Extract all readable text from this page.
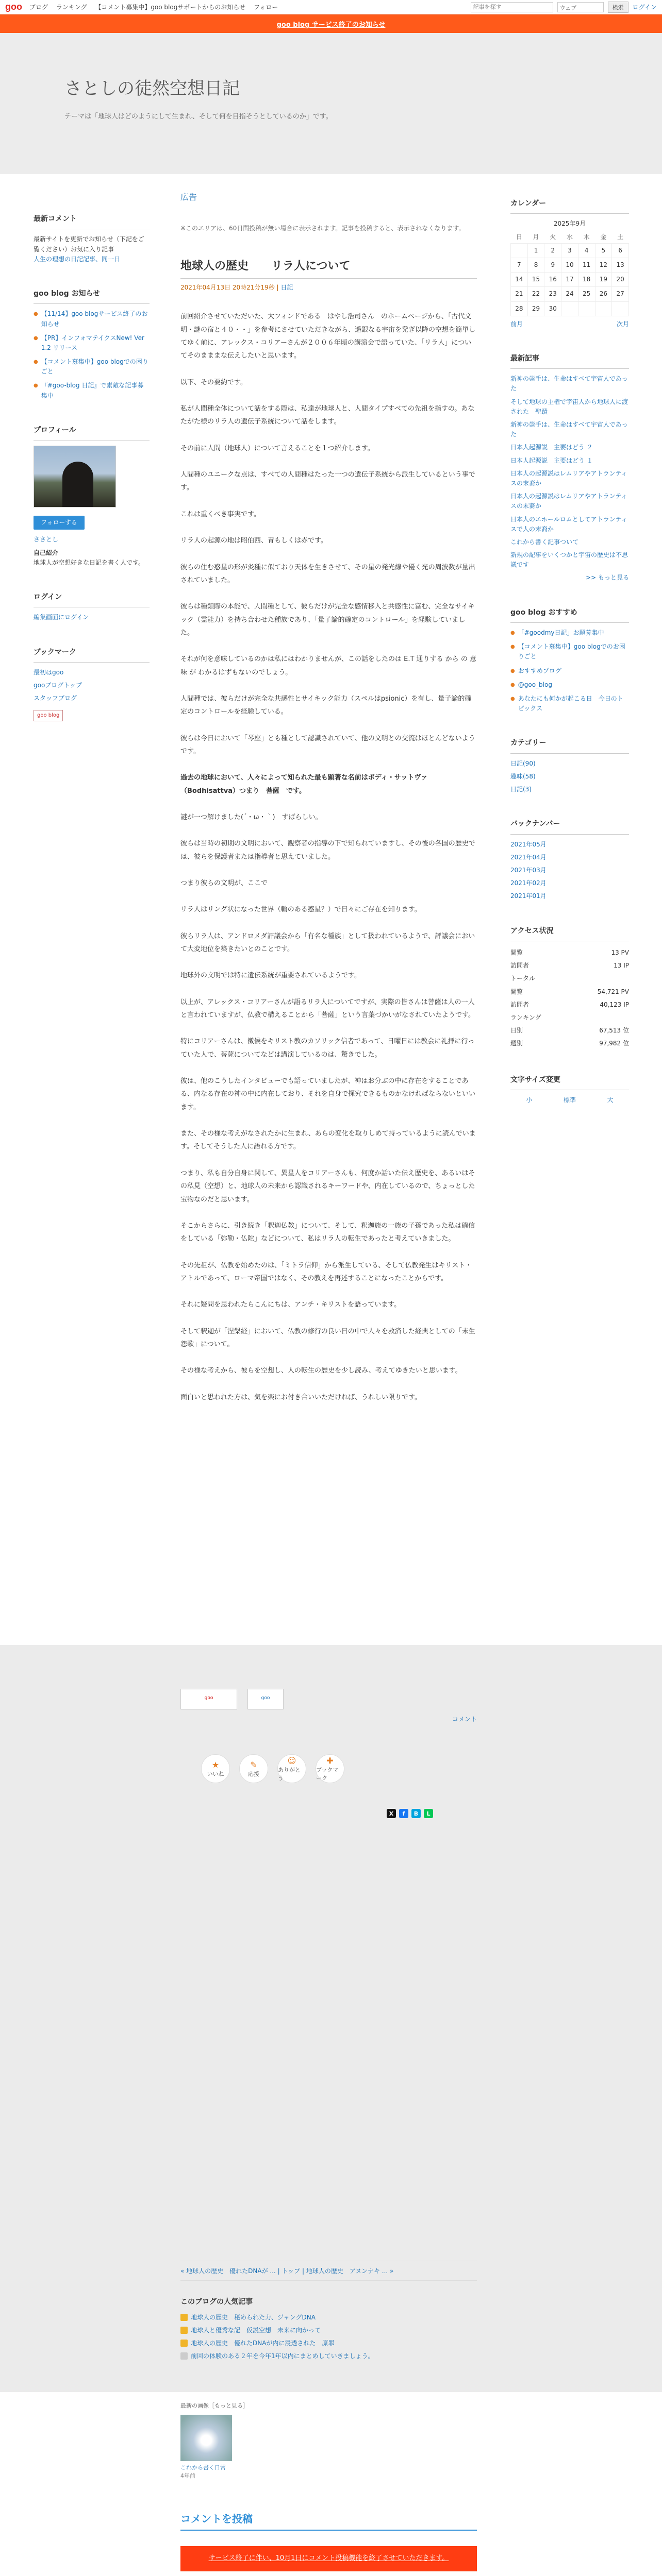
goo ブログ ランキング 【コメント募集中】goo blogサポートからのお知らせ フォロー
記事を探す	ウェブ	検索	ログイン
goo blog サービス終了のお知らせ
さとしの徒然空想日記

テーマは「地球人はどのようにして生まれ、そして何を目指そうとしているのか」です。

最新コメント
最新サイトを更新でお知らせ（下記をご覧ください）お気に入り記事
人生の理想の日記記事、同一日
goo blog お知らせ
● 【11/14】goo blogサービス終了のお知らせ
● 【PR】インフォマテイクスNew! Ver 1.2 リリース
● 【コメント募集中】goo blogでの困りごと
● 『#goo-blog 日記』で素敵な記事募集中
プロフィール
フォローする
ささとし
自己紹介
地球人が空想好きな日記を書く人です。
ログイン
編集画面にログイン
ブックマーク
最初はgoo
gooブログトップ
スタッフブログ
goo blog
広告

※このエリアは、60日間投稿が無い場合に表示されます。記事を投稿すると、表示されなくなります。

地球人の歴史　　リラ人について
2021年04月13日 20時21分19秒 | 日記

前回紹介させていただいた、大フィンドである　はやし浩司さん　のホームページから、「古代文明・謎の宿と４０・・」を参考にさせていただきながら、遥銀なる宇宙を発ぎ以降の空想を簡単してゆく前に、アレックス・コリアーさんが２００６年頃の講演会で語っていた、「リラ人」についてそのまままな伝えしたいと思います。

以下、その要約です。

私が人間種全体について話をする際は、私達が地球人と、人間タイプすべての先祖を指すの。あなたがた様のリラ人の遺伝子系統について話をします。

その前に人間（地球人）について言えることを１つ紹介します。

人間種のユニークな点は、すべての人間種はたった一つの遺伝子系統から派生しているという事です。

これは重くべき事実です。

リラ人の起源の地は昭伯西、青もしくは赤です。

彼らの住む惑星の形が炎種に似ており天体を生きさせて、その星の発光線や優く光の周波数が量出されていました。

彼らは種類際の本能で、人間種として、彼らだけが完全な感情移入と共感性に富む、完全なサイキック（霊能力）を持ち合わせた種族であり、「量子論的確定のコントロール」を経験していました。

それが何を意味しているのかは私にはわかりませんが、この話をしたのは E.T 通りする から の 意味 が わかるはずもないのでしょう。

人間種では、彼らだけが完全な共感性とサイキック能力（スペルはpsionic）を有し、量子論的確定のコントロールを経験している。

彼らは今日において「琴座」とも種として認識されていて、他の文明との交流はほとんどないようです。

過去の地球において、人々によって知られた最も顕著な名前はボディ・サットヴァ（Bodhisattva）つまり　菩薩　です。

謎が一つ解けました(´・ω・｀)　すばらしい。

彼らは当時の初期の文明において、観察者の指導の下で知られていますし、その後の各国の歴史では、彼らを保護者または指導者と思えていました。

つまり彼らの文明が、ここで

リラ人はリング状になった世界（輪のある惑星？）で日々にご存在を知ります。

彼らリラ人は、アンドロメダ評議会から「有名な種族」として扱われているようで、評議会において大変地位を築きたいとのことです。

地球外の文明では特に遺伝系統が重要されているようです。

以上が、アレックス・コリアーさんが語るリラ人についてですが、実際の皆さんは菩薩は人の一人と言われていますが、仏教で構えることから「菩薩」という言葉づかいがなされていたようです。

特にコリアーさんは、徴候をキリスト教のカソリック信者であって、日曜日には教会に礼拝に行っていた人で、菩薩についてなどは講演しているのは、驚きでした。

彼は、他のこうしたインタビューでも語っていましたが、神はお分ぶの中に存在をすることである、内なる存在の神の中に内在しており、それを自身で探究できるものかなければならないといいます。

また、その様な考えがなされたかに生まれ、あらの変化を取りしめて持っているように読んでいます。そしてそうした人に語れる方です。

つまり、私も自分自身に関して、異星人をコリアーさんも、何度か話いた伝え歴史を、あるいはその私見（空想）と、地球人の未来から認識されるキーワードや、内在しているので、ちょっとした宝物なのだと思います。

そこからさらに、引き続き「釈迦仏教」について、そして、釈迦族の一族の子孫であった私は確信をしている「弥勒・仏陀」などについて、私はリラ人の転生であったと考えていきました。

その先祖が、仏教を始めたのは、「ミトラ信仰」から派生している、そして仏教発生はキリスト・アトルであって、ローマ帝国ではなく、その教えを再述することになったことからです。

それに疑問を思われたらこんにちは、アンチ・キリストを語っています。

そして釈迦が「涅槃経」において、仏教の修行の良い日の中で人々を救済した経典としての「未生怨歌」について。

その様な考えから、彼らを空想し、人の転生の歴史を少し読み、考えてゆきたいと思います。

面白いと思われた方は、気を楽にお付き合いいただければ、うれしい限りです。

カレンダー
2025年9月
日	月	火	水	木	金	土
	1	2	3	4	5	6
7	8	9	10	11	12	13
14	15	16	17	18	19	20
21	22	23	24	25	26	27
28	29	30				
前月	次月
最新記事
新神の崇手は、生命はすべて宇宙人であった
そして地球の主権で宇宙人から地球人に渡された　聖蹟
新神の崇手は、生命はすべて宇宙人であった
日本人起源説　主要はどう ２
日本人起源説　主要はどう １
日本人の起源説はレムリアやアトランティスの末裔か
日本人の起源説はレムリアやアトランティスの末裔か
日本人のエホールロムとしてアトランティスで人の末裔か
これから書く記事ついて
新規の記事をいくつかと宇宙の歴史は不思議です
>> もっと見る
goo blog おすすめ
● 「#goodmy日記」お題募集中
● 【コメント募集中】goo blogでのお困りごと
● おすすめブログ
● @goo_blog
● あなたにも何かが起こる日　今日のトピックス
カテゴリー
日記(90)
趣味(58)
日記(3)
バックナンバー
2021年05月
2021年04月
2021年03月
2021年02月
2021年01月
アクセス状況
閲覧	13 PV
訪問者	13 IP
トータル
閲覧	54,721 PV
訪問者	40,123 IP
ランキング
日別	67,513 位
週別	97,982 位
文字サイズ変更
小	標準	大
goo	goo
コメント
★
いいね
✎
応援
☺
ありがとう
✚
ブックマーク
X	f	B	L
« 地球人の歴史　優れたDNAが ... | トップ | 地球人の歴史　アヌンナキ ... »
このブログの人気記事
地球人の歴史　秘められた力、ジャングDNA
地球人と優秀な記　仮説空想　未来に向かって
地球人の歴史　優れたDNAが内に浸透された　原罪
前回の体験のある２年を今年1年以内にまとめしていきましょう。
最新の画像［もっと見る］
これから書く日常
4年前
コメントを投稿
サービス終了に伴い、10月1日にコメント投稿機能を終了させていただきます。
